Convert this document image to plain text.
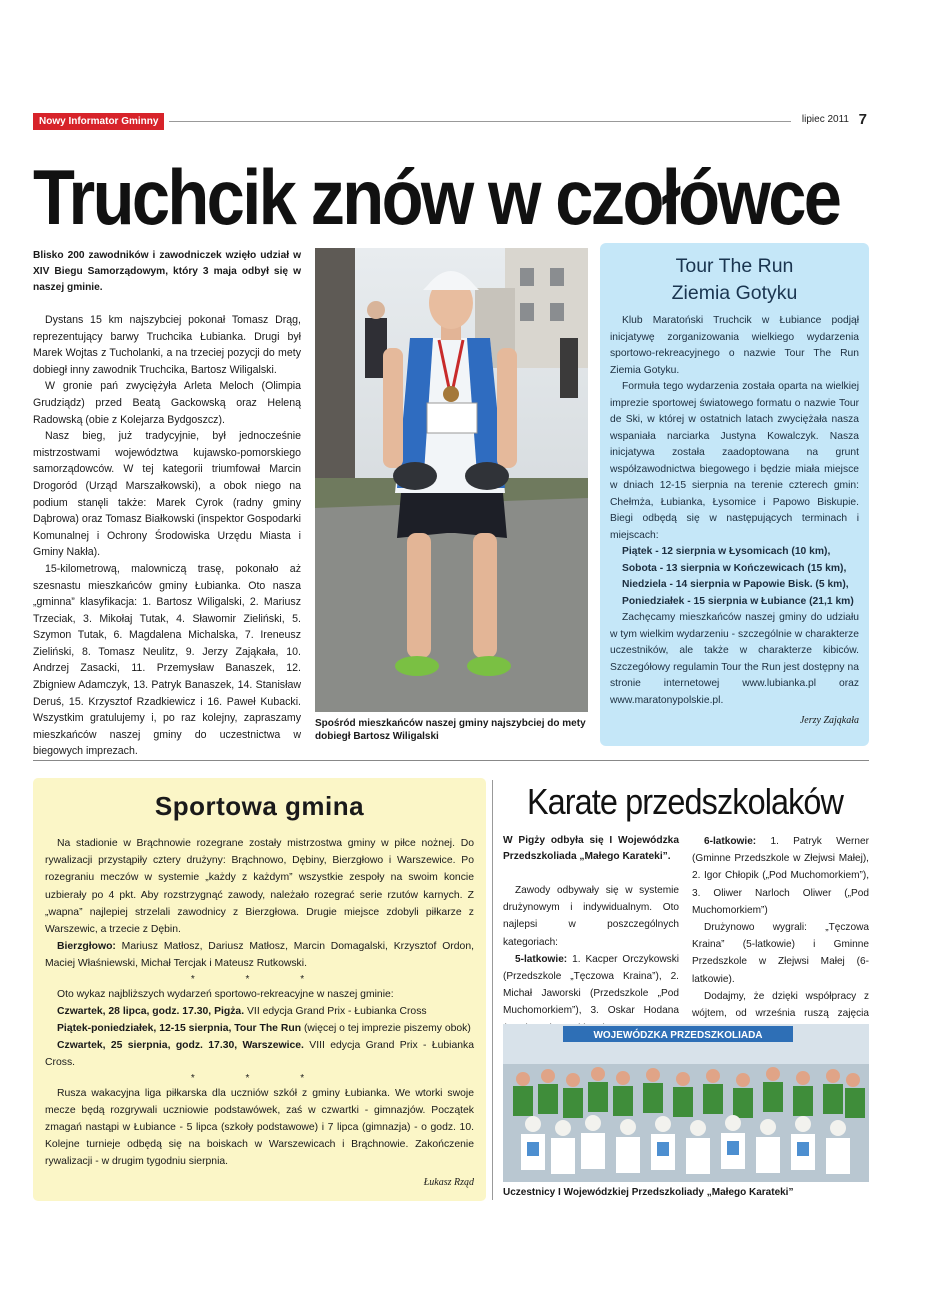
Nowy Informator Gminny	lipiec 2011 7
Truchcik znów w czołówce
Blisko 200 zawodników i zawodniczek wzięło udział w XIV Biegu Samorządowym, który 3 maja odbył się w naszej gminie.

Dystans 15 km najszybciej pokonał Tomasz Drąg, reprezentujący barwy Truchcika Łubianka. Drugi był Marek Wojtas z Tucholanki, a na trzeciej pozycji do mety dobiegł inny zawodnik Truchcika, Bartosz Wiligalski.

W gronie pań zwyciężyła Arleta Meloch (Olimpia Grudziądz) przed Beatą Gackowską oraz Heleną Radowską (obie z Kolejarza Bydgoszcz).

Nasz bieg, już tradycyjnie, był jednocześnie mistrzostwami województwa kujawsko-pomorskiego samorządowców. W tej kategorii triumfował Marcin Drogoród (Urząd Marszałkowski), a obok niego na podium stanęli także: Marek Cyrok (radny gminy Dąbrowa) oraz Tomasz Białkowski (inspektor Gospodarki Komunalnej i Ochrony Środowiska Urzędu Miasta i Gminy Nakła).

15-kilometrową, malowniczą trasę, pokonało aż szesnastu mieszkańców gminy Łubianka. Oto nasza „gminna” klasyfikacja: 1. Bartosz Wiligalski, 2. Mariusz Trzeciak, 3. Mikołaj Tutak, 4. Sławomir Zieliński, 5. Szymon Tutak, 6. Magdalena Michalska, 7. Ireneusz Zieliński, 8. Tomasz Neulitz, 9. Jerzy Zająkała, 10. Andrzej Zasacki, 11. Przemysław Banaszek, 12. Zbigniew Adamczyk, 13. Patryk Banaszek, 14. Stanisław Deruś, 15. Krzysztof Rzadkiewicz i 16. Paweł Kubacki. Wszystkim gratulujemy i, po raz kolejny, zapraszamy mieszkańców naszej gminy do uczestnictwa w biegowych imprezach.

Spośród mieszkańców naszej gminy najszybciej do mety dobiegł Bartosz Wiligalski
Tour The Run
Ziemia Gotyku

Klub Maratoński Truchcik w Łubiance podjął inicjatywę zorganizowania wielkiego wydarzenia sportowo-rekreacyjnego o nazwie Tour The Run Ziemia Gotyku.

Formuła tego wydarzenia została oparta na wielkiej imprezie sportowej światowego formatu o nazwie Tour de Ski, w której w ostatnich latach zwyciężała nasza wspaniała narciarka Justyna Kowalczyk. Nasza inicjatywa została zaadoptowana na grunt współzawodnictwa biegowego i będzie miała miejsce w dniach 12-15 sierpnia na terenie czterech gmin: Chełmża, Łubianka, Łysomice i Papowo Biskupie. Biegi odbędą się w następujących terminach i miejscach:

Piątek - 12 sierpnia w Łysomicach (10 km),
Sobota - 13 sierpnia w Kończewicach (15 km),
Niedziela - 14 sierpnia w Papowie Bisk. (5 km),
Poniedziałek - 15 sierpnia w Łubiance (21,1 km)

Zachęcamy mieszkańców naszej gminy do udziału w tym wielkim wydarzeniu - szczególnie w charakterze uczestników, ale także w charakterze kibiców. Szczegółowy regulamin Tour the Run jest dostępny na stronie internetowej www.lubianka.pl oraz www.maratonypolskie.pl.

Jerzy Zająkała
Sportowa gmina

Na stadionie w Brąchnowie rozegrane zostały mistrzostwa gminy w piłce nożnej. Do rywalizacji przystąpiły cztery drużyny: Brąchnowo, Dębiny, Bierzgłowo i Warszewice. Po rozegraniu meczów w systemie „każdy z każdym” wszystkie zespoły na swoim koncie uzbierały po 4 pkt. Aby rozstrzygnąć zawody, należało rozegrać serie rzutów karnych. Z „wapna” najlepiej strzelali zawodnicy z Bierzgłowa. Drugie miejsce zdobyli piłkarze z Warszewic, a trzecie z Dębin.

Bierzgłowo: Mariusz Matłosz, Dariusz Matłosz, Marcin Domagalski, Krzysztof Ordon, Maciej Właśniewski, Michał Tercjak i Mateusz Rutkowski.

* * *

Oto wykaz najbliższych wydarzeń sportowo-rekreacyjne w naszej gminie:

Czwartek, 28 lipca, godz. 17.30, Pigża. VII edycja Grand Prix - Łubianka Cross

Piątek-poniedziałek, 12-15 sierpnia, Tour The Run (więcej o tej imprezie piszemy obok)

Czwartek, 25 sierpnia, godz. 17.30, Warszewice. VIII edycja Grand Prix - Łubianka Cross.

* * *

Rusza wakacyjna liga piłkarska dla uczniów szkół z gminy Łubianka. We wtorki swoje mecze będą rozgrywali uczniowie podstawówek, zaś w czwartki - gimnazjów. Początek zmagań nastąpi w Łubiance - 5 lipca (szkoły podstawowe) i 7 lipca (gimnazja) - o godz. 10. Kolejne turnieje odbędą się na boiskach w Warszewicach i Brąchnowie. Zakończenie rywalizacji - w drugim tygodniu sierpnia.

Łukasz Rząd
Karate przedszkolaków
W Pigży odbyła się I Wojewódzka Przedszkoliada „Małego Karateki”.

Zawody odbywały się w systemie drużynowym i indywidualnym. Oto najlepsi w poszczególnych kategoriach:

5-latkowie: 1. Kacper Orczykowski (Przedszkole „Tęczowa Kraina”), 2. Michał Jaworski (Przedszkole „Pod Muchomorkiem”), 3. Oskar Hodana

6-latkowie: 1. Patryk Werner (Gminne Przedszkole w Złejwsi Małej), 2. Igor Chłopik („Pod Muchomorkiem”), 3. Oliwer Narloch Oliwer („Pod Muchomorkiem”)

Drużynowo wygrali: „Tęczowa Kraina” (5-latkowie) i Gminne Przedszkole w Złejwsi Małej (6-latkowie).

Dodajmy, że dzięki współpracy z wójtem, od września ruszą zajęcia

WOJEWÓDZKA PRZEDSZKOLIADA
Uczestnicy I Wojewódzkiej Przedszkoliady „Małego Karateki”
